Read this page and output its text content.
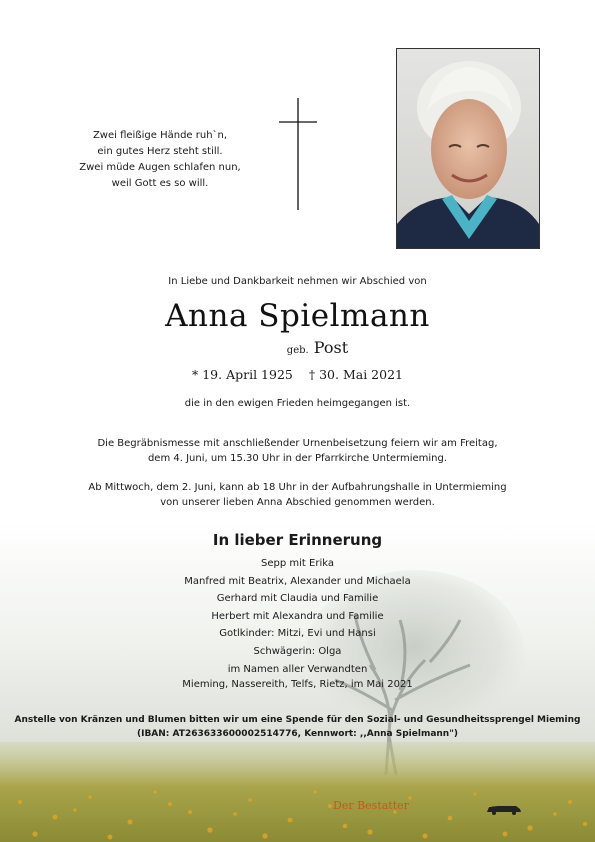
Zwei fleißige Hände ruh`n,
ein gutes Herz steht still.
Zwei müde Augen schlafen nun,
weil Gott es so will.
In Liebe und Dankbarkeit nehmen wir Abschied von
Anna Spielmann
geb. Post
* 19. April 1925 † 30. Mai 2021
die in den ewigen Frieden heimgegangen ist.
Die Begräbnismesse mit anschließender Urnenbeisetzung feiern wir am Freitag,
dem 4. Juni, um 15.30 Uhr in der Pfarrkirche Untermieming.
Ab Mittwoch, dem 2. Juni, kann ab 18 Uhr in der Aufbahrungshalle in Untermieming
von unserer lieben Anna Abschied genommen werden.
In lieber Erinnerung
Sepp mit Erika
Manfred mit Beatrix, Alexander und Michaela
Gerhard mit Claudia und Familie
Herbert mit Alexandra und Familie
Gotlkinder: Mitzi, Evi und Hansi
Schwägerin: Olga
im Namen aller Verwandten
Mieming, Nassereith, Telfs, Rietz, im Mai 2021
Anstelle von Kränzen und Blumen bitten wir um eine Spende für den Sozial- und Gesundheitssprengel Mieming
(IBAN: AT263633600002514776, Kennwort: ,,Anna Spielmann")
Der Bestatter
